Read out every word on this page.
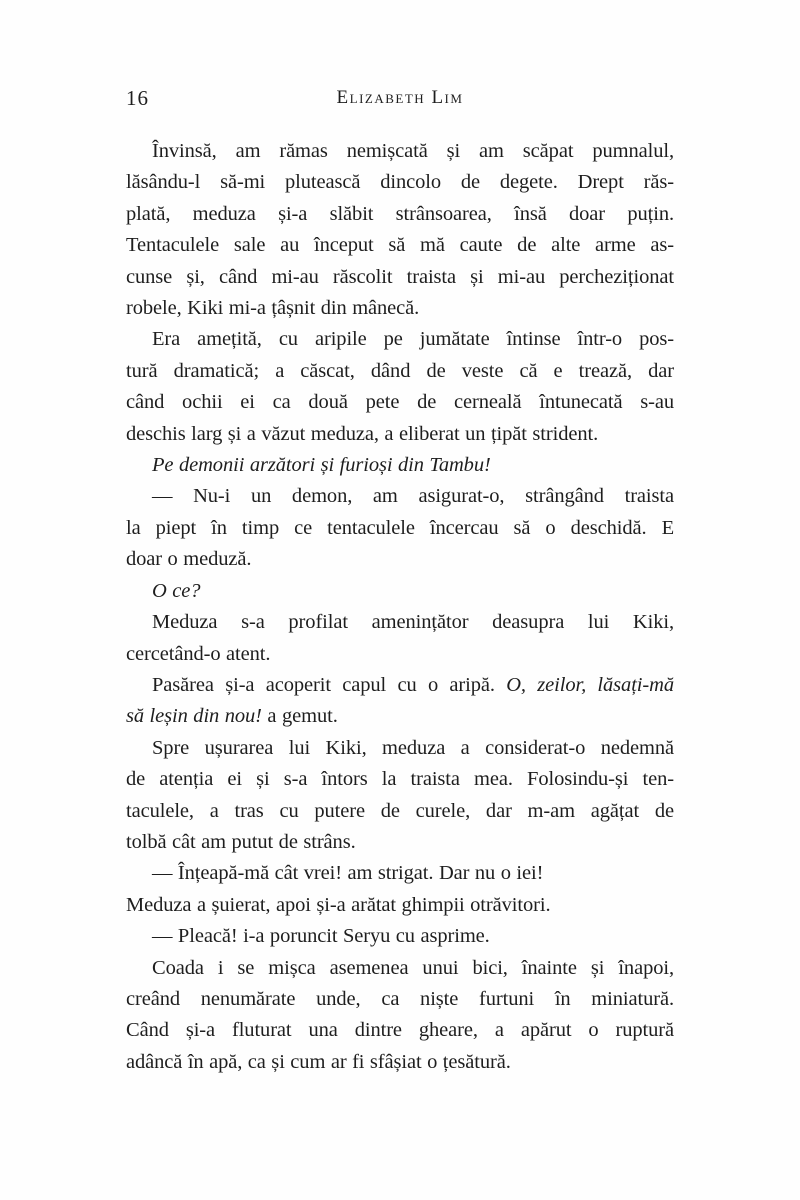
16	Elizabeth Lim
Învinsă, am rămas nemișcată și am scăpat pumnalul,
lăsându-l să-mi plutească dincolo de degete. Drept răs-
plată, meduza și-a slăbit strânsoarea, însă doar puțin.
Tentaculele sale au început să mă caute de alte arme as-
cunse și, când mi-au răscolit traista și mi-au percheziționat
robele, Kiki mi-a țâșnit din mânecă.
Era amețită, cu aripile pe jumătate întinse într-o pos-
tură dramatică; a căscat, dând de veste că e trează, dar
când ochii ei ca două pete de cerneală întunecată s-au
deschis larg și a văzut meduza, a eliberat un țipăt strident.
Pe demonii arzători și furioși din Tambu!
— Nu-i un demon, am asigurat-o, strângând traista
la piept în timp ce tentaculele încercau să o deschidă. E
doar o meduză.
O ce?
Meduza s-a profilat amenințător deasupra lui Kiki,
cercetând-o atent.
Pasărea și-a acoperit capul cu o aripă. O, zeilor, lăsați-mă
să leșin din nou! a gemut.
Spre ușurarea lui Kiki, meduza a considerat-o nedemnă
de atenția ei și s-a întors la traista mea. Folosindu-și ten-
taculele, a tras cu putere de curele, dar m-am agățat de
tolbă cât am putut de strâns.
— Înțeapă-mă cât vrei! am strigat. Dar nu o iei!
Meduza a șuierat, apoi și-a arătat ghimpii otrăvitori.
— Pleacă! i-a poruncit Seryu cu asprime.
Coada i se mișca asemenea unui bici, înainte și înapoi,
creând nenumărate unde, ca niște furtuni în miniatură.
Când și-a fluturat una dintre gheare, a apărut o ruptură
adâncă în apă, ca și cum ar fi sfâșiat o țesătură.
